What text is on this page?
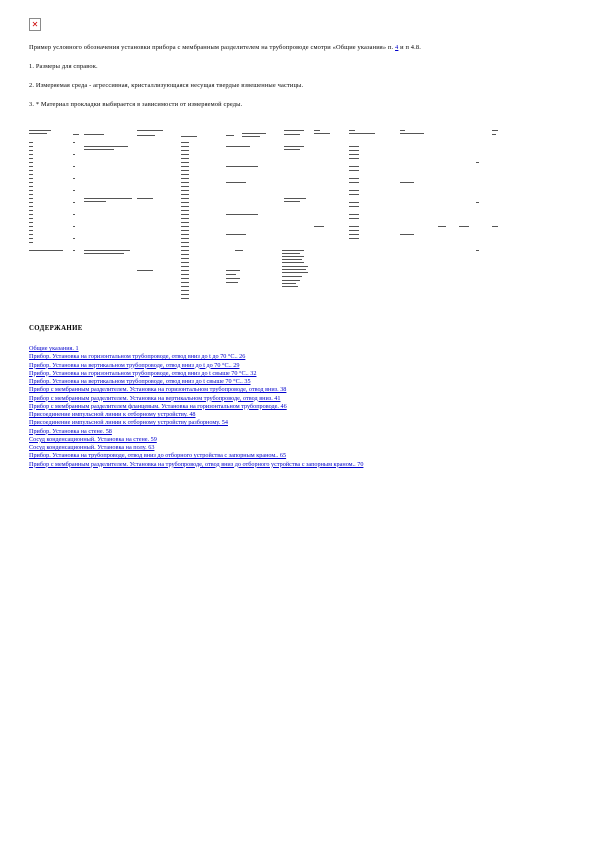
✕
Пример условного обозначения установки прибора с мембранным разделителем на трубопроводе смотри «Общие указания» п. 4 и п 4.8.
1. Размеры для справок.
2. Измеряемая среда - агрессивная, кристаллизующаяся несущая твердые взвешенные частицы.
3. * Материал прокладки выбирается в зависимости от измеряемой среды.
СОДЕРЖАНИЕ
Общие указания. 1
Прибор. Установка на горизонтальном трубопроводе, отвод вниз до t до 70 °С.. 26
Прибор. Установка на вертикальном трубопроводе, отвод вниз до t до 70 °С.. 29
Прибор. Установка на горизонтальном трубопроводе, отвод вниз до t свыше 70 °С.. 32
Прибор. Установка на вертикальном трубопроводе, отвод вниз до t свыше 70 °С.. 35
Прибор с мембранным разделителем. Установка на горизонтальном трубопроводе, отвод вниз. 38
Прибор с мембранным разделителем. Установка на вертикальном трубопроводе, отвод вниз. 41
Прибор с мембранным разделителем фланцевым. Установка на горизонтальном трубопроводе. 46
Присоединение импульсной линии к отборному устройству. 48
Присоединение импульсной линии к отборному устройству разборному. 54
Прибор. Установка на стене. 58
Сосуд конденсационный. Установка на стене. 59
Сосуд конденсационный. Установка на полу. 63
Прибор. Установка на трубопроводе, отвод вниз до отборного устройства с запорным краном.. 65
Прибор с мембранным разделителем. Установка на трубопроводе, отвод вниз до отборного устройства с запорным краном.. 70
